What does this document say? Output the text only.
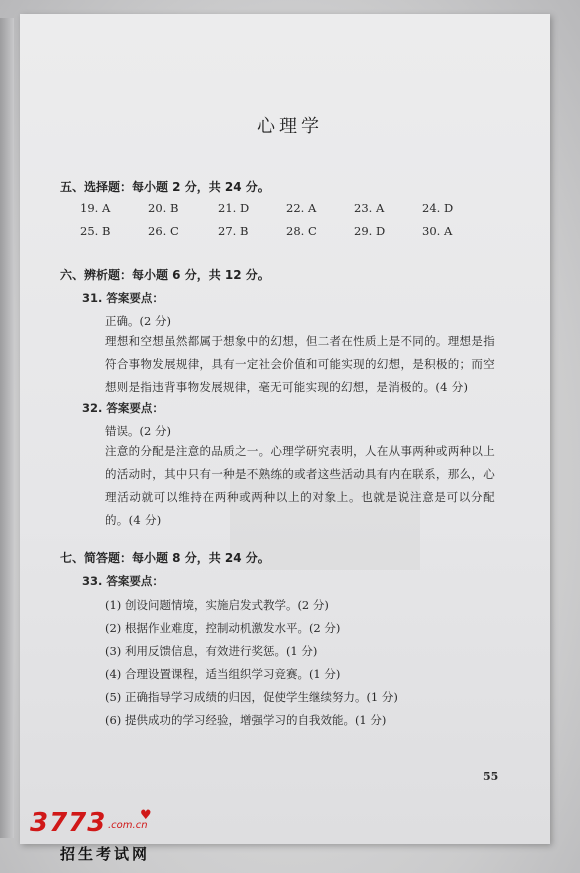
心理学
五、选择题：每小题 2 分，共 24 分。
19. A	20. B	21. D	22. A	23. A	24. D
25. B	26. C	27. B	28. C	29. D	30. A
六、辨析题：每小题 6 分，共 12 分。
31. 答案要点：
正确。(2 分)
理想和空想虽然都属于想象中的幻想，但二者在性质上是不同的。理想是指符合事物发展规律，具有一定社会价值和可能实现的幻想，是积极的；而空想则是指违背事物发展规律，毫无可能实现的幻想，是消极的。(4 分)
32. 答案要点：
错误。(2 分)
注意的分配是注意的品质之一。心理学研究表明，人在从事两种或两种以上的活动时，其中只有一种是不熟练的或者这些活动具有内在联系，那么，心理活动就可以维持在两种或两种以上的对象上。也就是说注意是可以分配的。(4 分)
七、简答题：每小题 8 分，共 24 分。
33. 答案要点：
(1) 创设问题情境，实施启发式教学。(2 分)
(2) 根据作业难度，控制动机激发水平。(2 分)
(3) 利用反馈信息，有效进行奖惩。(1 分)
(4) 合理设置课程，适当组织学习竞赛。(1 分)
(5) 正确指导学习成绩的归因，促使学生继续努力。(1 分)
(6) 提供成功的学习经验，增强学习的自我效能。(1 分)
55
3773	♥
.com.cn
招生考试网
